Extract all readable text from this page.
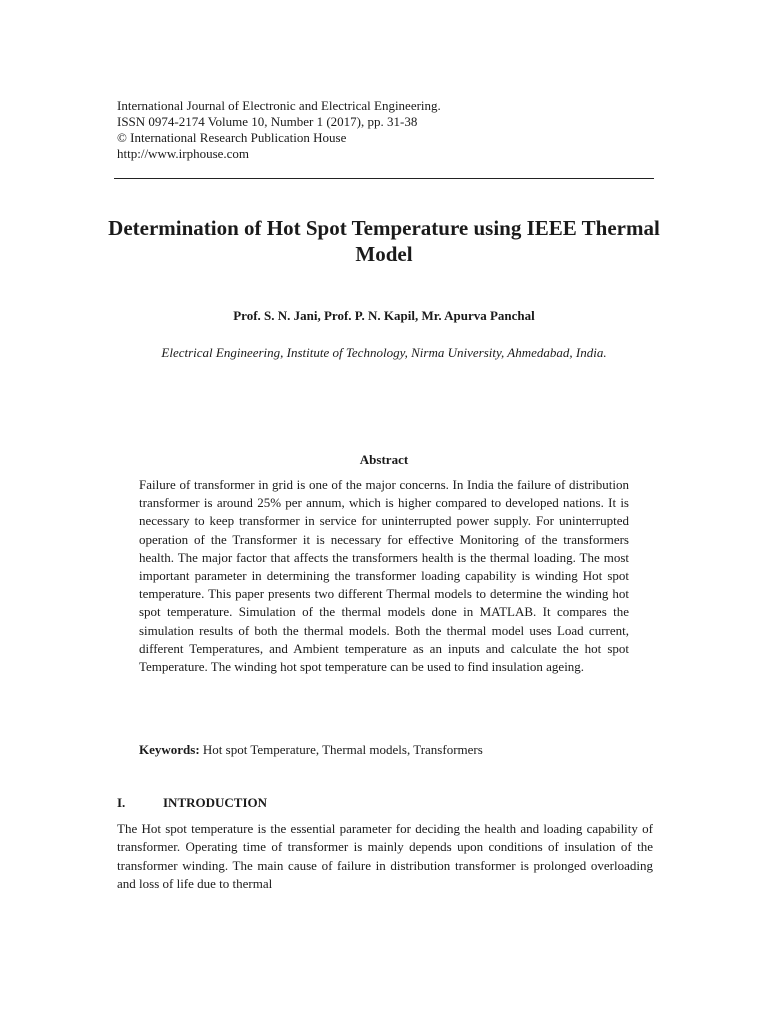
International Journal of Electronic and Electrical Engineering.
ISSN 0974-2174 Volume 10, Number 1 (2017), pp. 31-38
© International Research Publication House
http://www.irphouse.com
Determination of Hot Spot Temperature using IEEE Thermal Model
Prof. S. N. Jani, Prof. P. N. Kapil, Mr. Apurva Panchal
Electrical Engineering, Institute of Technology, Nirma University, Ahmedabad, India.
Abstract
Failure of transformer in grid is one of the major concerns. In India the failure of distribution transformer is around 25% per annum, which is higher compared to developed nations. It is necessary to keep transformer in service for uninterrupted power supply. For uninterrupted operation of the Transformer it is necessary for effective Monitoring of the transformers health. The major factor that affects the transformers health is the thermal loading. The most important parameter in determining the transformer loading capability is winding Hot spot temperature. This paper presents two different Thermal models to determine the winding hot spot temperature. Simulation of the thermal models done in MATLAB. It compares the simulation results of both the thermal models. Both the thermal model uses Load current, different Temperatures, and Ambient temperature as an inputs and calculate the hot spot Temperature. The winding hot spot temperature can be used to find insulation ageing.
Keywords: Hot spot Temperature, Thermal models, Transformers
I.	INTRODUCTION
The Hot spot temperature is the essential parameter for deciding the health and loading capability of transformer. Operating time of transformer is mainly depends upon conditions of insulation of the transformer winding. The main cause of failure in distribution transformer is prolonged overloading and loss of life due to thermal
